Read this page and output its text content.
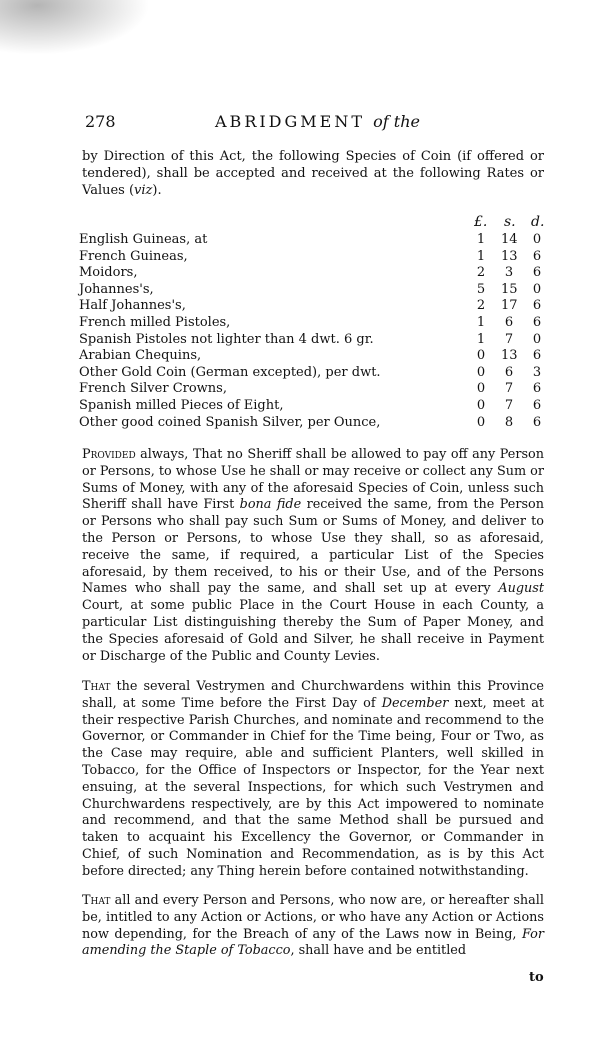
278	ABRIDGMENT of the

by Direction of this Act, the following Species of Coin (if offered or tendered), shall be accepted and received at the following Rates or Values (viz).

£. s. d.
English Guineas, at	1 14 0
French Guineas,	1 13 6
Moidors,	2 3 6
Johannes's,	5 15 0
Half Johannes's,	2 17 6
French milled Pistoles,	1 6 6
Spanish Pistoles not lighter than 4 dwt. 6 gr.	1 7 0
Arabian Chequins,	0 13 6
Other Gold Coin (German excepted), per dwt.	0 6 3
French Silver Crowns,	0 7 6
Spanish milled Pieces of Eight,	0 7 6
Other good coined Spanish Silver, per Ounce,	0 8 6

Provided always, That no Sheriff shall be allowed to pay off any Person or Persons, to whose Use he shall or may receive or collect any Sum or Sums of Money, with any of the aforesaid Species of Coin, unless such Sheriff shall have First bona fide received the same, from the Person or Persons who shall pay such Sum or Sums of Money, and deliver to the Person or Persons, to whose Use they shall, so as aforesaid, receive the same, if required, a particular List of the Species aforesaid, by them received, to his or their Use, and of the Persons Names who shall pay the same, and shall set up at every August Court, at some public Place in the Court House in each County, a particular List distinguishing thereby the Sum of Paper Money, and the Species aforesaid of Gold and Silver, he shall receive in Payment or Discharge of the Public and County Levies.

That the several Vestrymen and Churchwardens within this Province shall, at some Time before the First Day of December next, meet at their respective Parish Churches, and nominate and recommend to the Governor, or Commander in Chief for the Time being, Four or Two, as the Case may require, able and sufficient Planters, well skilled in Tobacco, for the Office of Inspectors or Inspector, for the Year next ensuing, at the several Inspections, for which such Vestrymen and Churchwardens respectively, are by this Act impowered to nominate and recommend, and that the same Method shall be pursued and taken to acquaint his Excellency the Governor, or Commander in Chief, of such Nomination and Recommendation, as is by this Act before directed; any Thing herein before contained notwithstanding.

That all and every Person and Persons, who now are, or hereafter shall be, intitled to any Action or Actions, or who have any Action or Actions now depending, for the Breach of any of the Laws now in Being, For amending the Staple of Tobacco, shall have and be entitled

to
